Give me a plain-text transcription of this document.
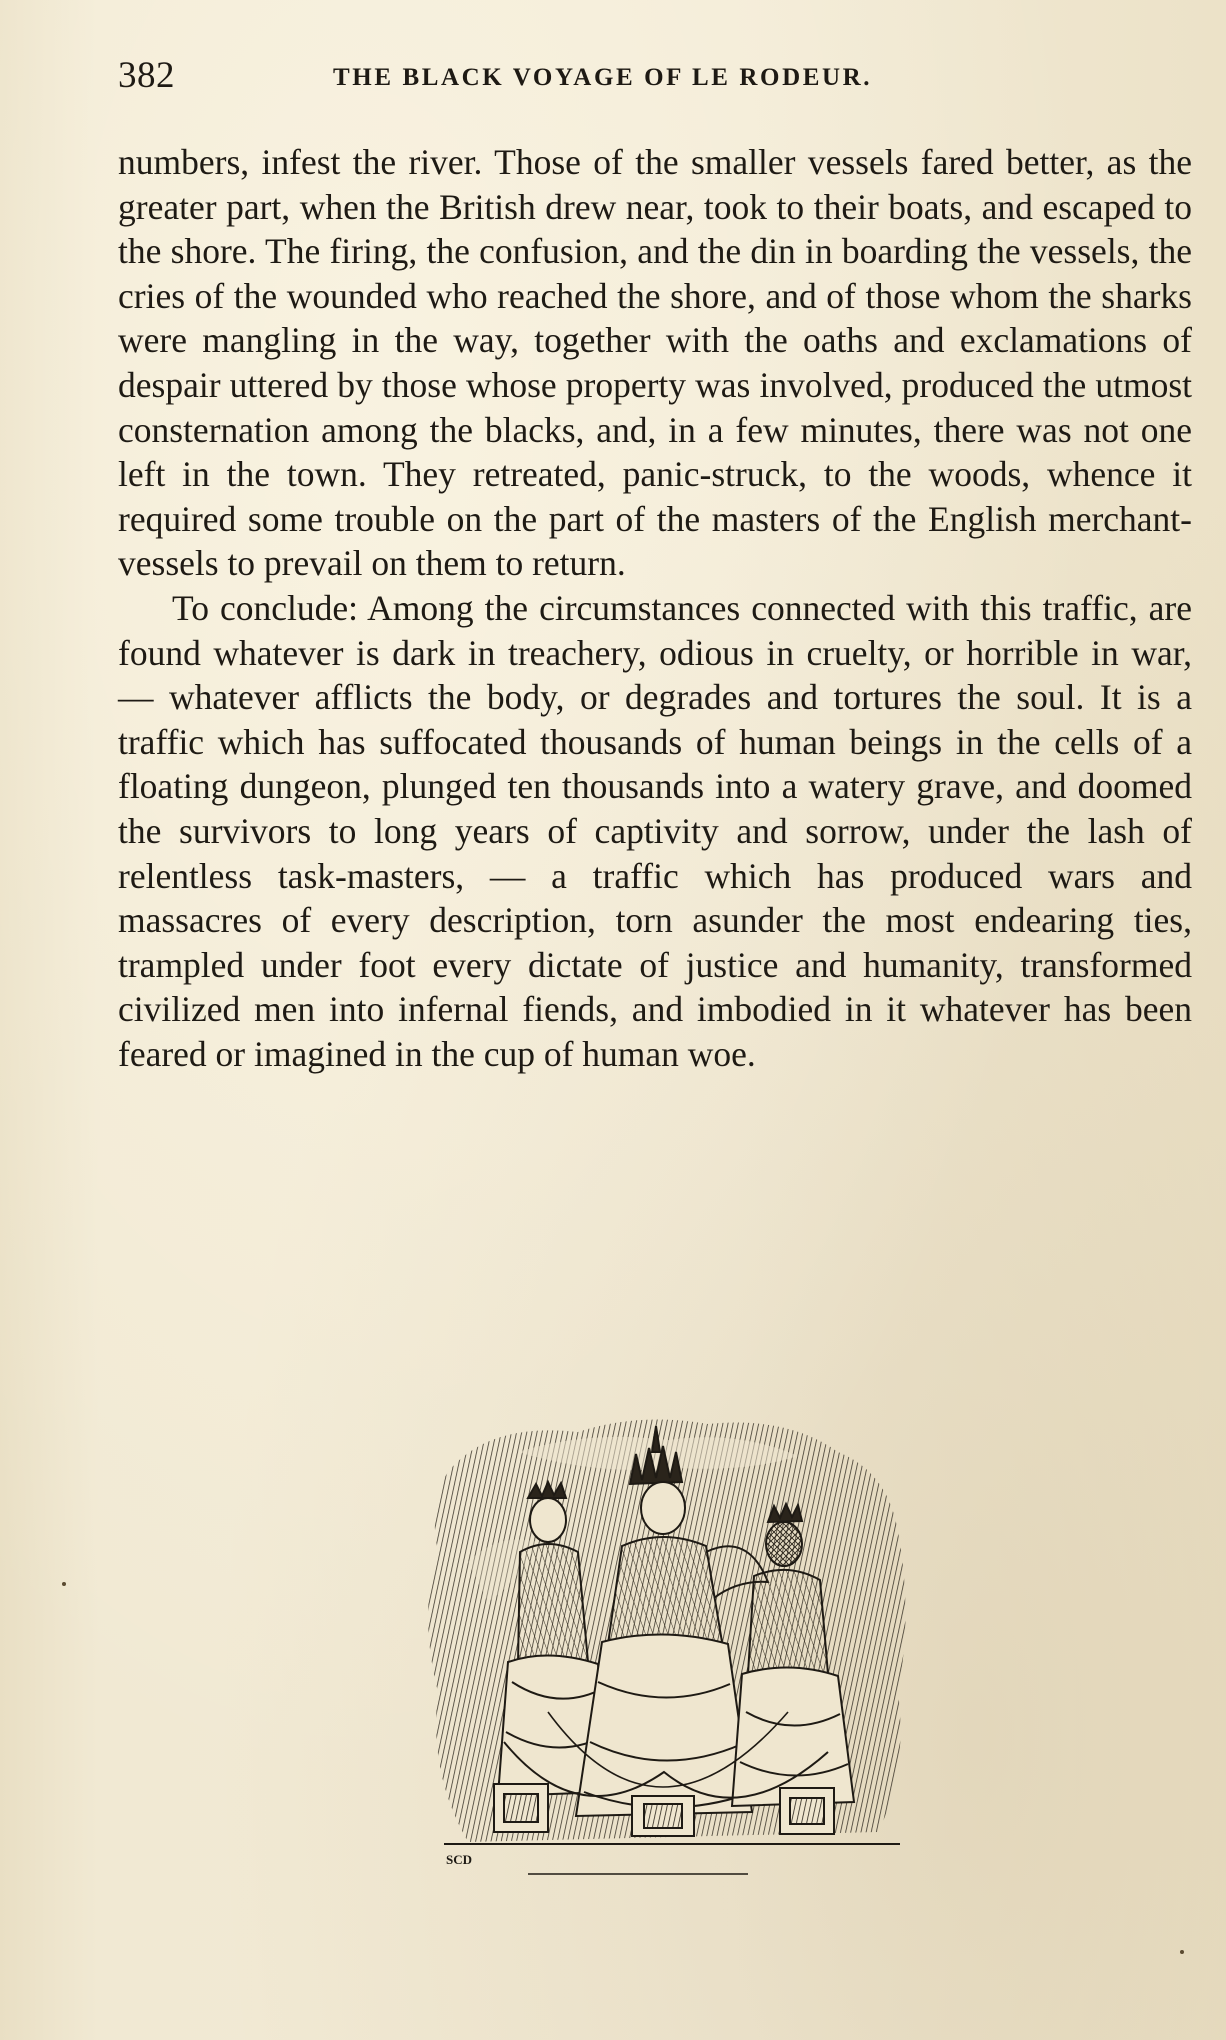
382	THE BLACK VOYAGE OF LE RODEUR.

numbers, infest the river. Those of the smaller vessels fared better, as the greater part, when the British drew near, took to their boats, and escaped to the shore. The firing, the confusion, and the din in boarding the vessels, the cries of the wounded who reached the shore, and of those whom the sharks were mangling in the way, together with the oaths and exclamations of despair uttered by those whose property was involved, produced the utmost consternation among the blacks, and, in a few minutes, there was not one left in the town. They retreated, panic-struck, to the woods, whence it required some trouble on the part of the masters of the English merchant-vessels to prevail on them to return.

To conclude: Among the circumstances connected with this traffic, are found whatever is dark in treachery, odious in cruelty, or horrible in war, — whatever afflicts the body, or degrades and tortures the soul. It is a traffic which has suffocated thousands of human beings in the cells of a floating dungeon, plunged ten thousands into a watery grave, and doomed the survivors to long years of captivity and sorrow, under the lash of relentless task-masters, — a traffic which has produced wars and massacres of every description, torn asunder the most endearing ties, trampled under foot every dictate of justice and humanity, transformed civilized men into infernal fiends, and imbodied in it whatever has been feared or imagined in the cup of human woe.

SCD
